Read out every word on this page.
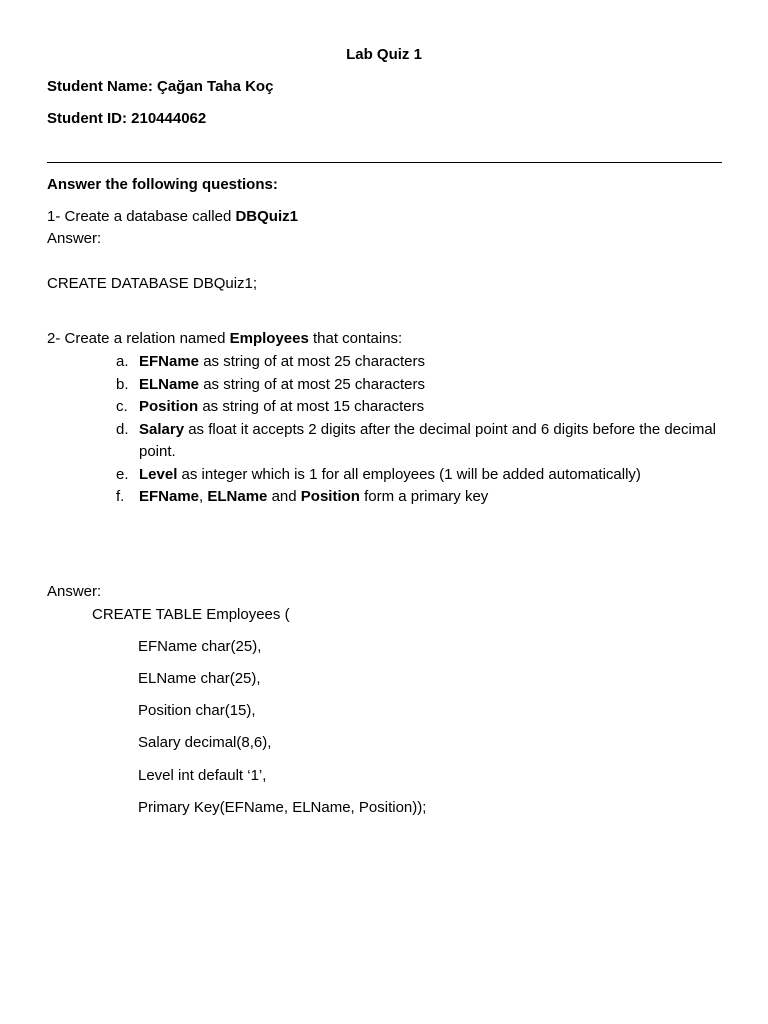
Lab Quiz 1
Student Name: Çağan Taha Koç
Student ID: 210444062
Answer the following questions:
1- Create a database called DBQuiz1
Answer:
CREATE DATABASE DBQuiz1;
2- Create a relation named Employees that contains:
a. EFName as string of at most 25 characters
b. ELName as string of at most 25 characters
c. Position as string of at most 15 characters
d. Salary as float it accepts 2 digits after the decimal point and 6 digits before the decimal point.
e. Level as integer which is 1 for all employees (1 will be added automatically)
f. EFName, ELName and Position form a primary key
Answer:
CREATE TABLE Employees (
EFName char(25),
ELName char(25),
Position char(15),
Salary decimal(8,6),
Level int default ‘1’,
Primary Key(EFName, ELName, Position));
